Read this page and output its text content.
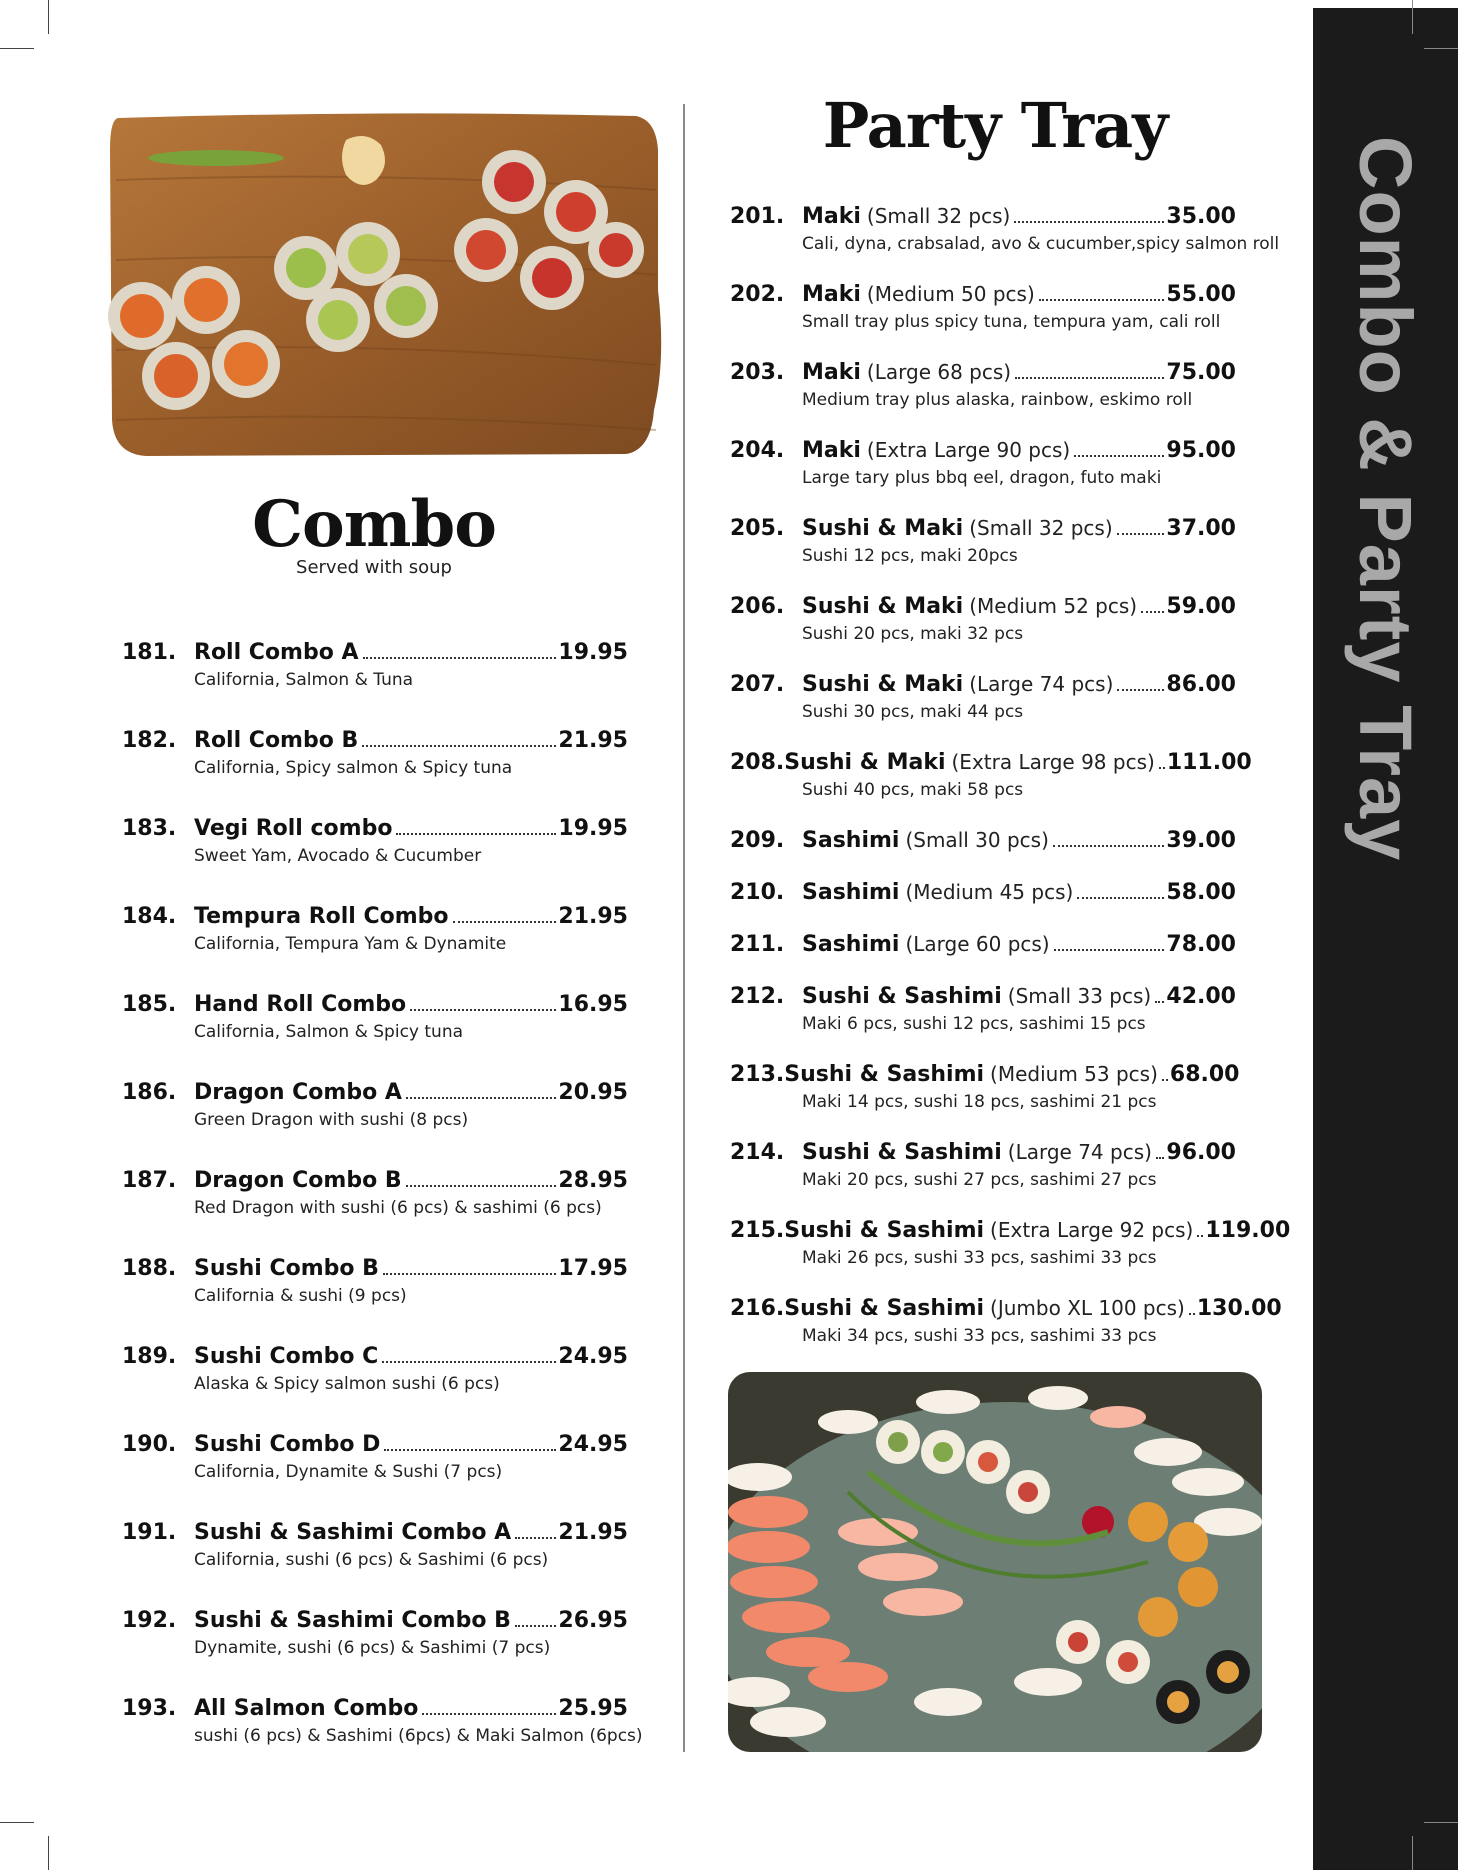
Combo & Party Tray
Combo
Served with soup
181. Roll Combo A	19.95
California, Salmon & Tuna
182. Roll Combo B	21.95
California, Spicy salmon & Spicy tuna
183. Vegi Roll combo	19.95
Sweet Yam, Avocado & Cucumber
184. Tempura Roll Combo	21.95
California, Tempura Yam & Dynamite
185. Hand Roll Combo	16.95
California, Salmon & Spicy tuna
186. Dragon Combo A	20.95
Green Dragon with sushi (8 pcs)
187. Dragon Combo B	28.95
Red Dragon with sushi (6 pcs) & sashimi (6 pcs)
188. Sushi Combo B	17.95
California & sushi (9 pcs)
189. Sushi Combo C	24.95
Alaska & Spicy salmon sushi (6 pcs)
190. Sushi Combo D	24.95
California, Dynamite & Sushi (7 pcs)
191. Sushi & Sashimi Combo A 21.95
California, sushi (6 pcs) & Sashimi (6 pcs)
192. Sushi & Sashimi Combo B 26.95
Dynamite, sushi (6 pcs) & Sashimi (7 pcs)
193. All Salmon Combo	25.95
sushi (6 pcs) & Sashimi (6pcs) & Maki Salmon (6pcs)
Party Tray
201. Maki (Small 32 pcs)	35.00
Cali, dyna, crabsalad, avo & cucumber,spicy salmon roll
202. Maki (Medium 50 pcs)	55.00
Small tray plus spicy tuna, tempura yam, cali roll
203. Maki (Large 68 pcs)	75.00
Medium tray plus alaska, rainbow, eskimo roll
204. Maki (Extra Large 90 pcs)	95.00
Large tary plus bbq eel, dragon, futo maki
205. Sushi & Maki (Small 32 pcs) 37.00
Sushi 12 pcs, maki 20pcs
206. Sushi & Maki (Medium 52 pcs) 59.00
Sushi 20 pcs, maki 32 pcs
207. Sushi & Maki (Large 74 pcs) 86.00
Sushi 30 pcs, maki 44 pcs
208. Sushi & Maki (Extra Large 98 pcs) 111.00
Sushi 40 pcs, maki 58 pcs
209. Sashimi (Small 30 pcs)	39.00
210. Sashimi (Medium 45 pcs)	58.00
211. Sashimi (Large 60 pcs)	78.00
212. Sushi & Sashimi (Small 33 pcs) 42.00
Maki 6 pcs, sushi 12 pcs, sashimi 15 pcs
213. Sushi & Sashimi (Medium 53 pcs) 68.00
Maki 14 pcs, sushi 18 pcs, sashimi 21 pcs
214. Sushi & Sashimi (Large 74 pcs) 96.00
Maki 20 pcs, sushi 27 pcs, sashimi 27 pcs
215. Sushi & Sashimi (Extra Large 92 pcs) 119.00
Maki 26 pcs, sushi 33 pcs, sashimi 33 pcs
216. Sushi & Sashimi (Jumbo XL 100 pcs) 130.00
Maki 34 pcs, sushi 33 pcs, sashimi 33 pcs
